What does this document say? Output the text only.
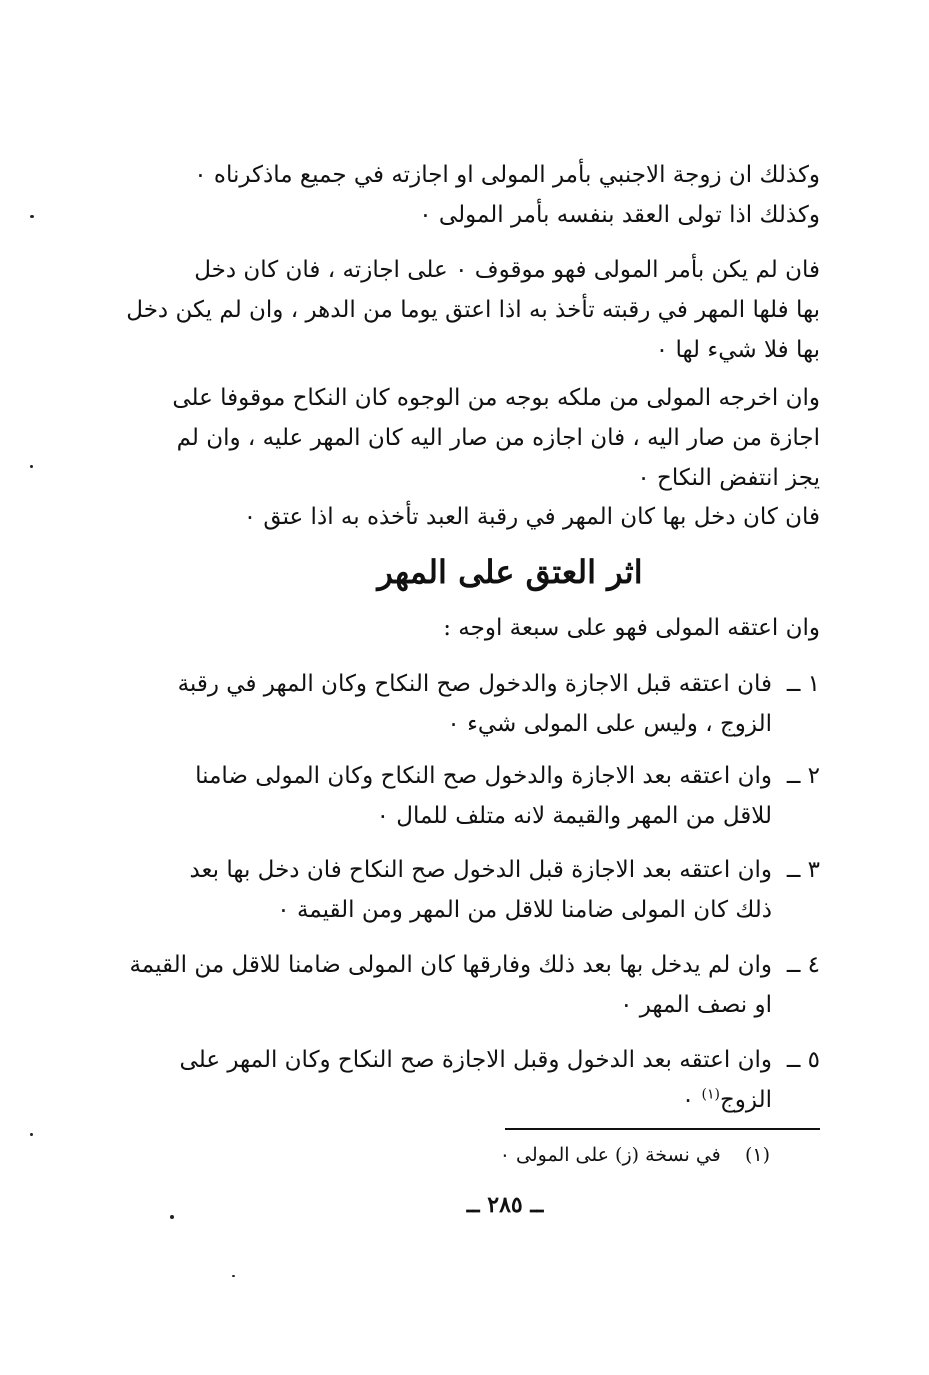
وكذلك ان زوجة الاجنبي بأمر المولى او اجازته في جميع ماذكرناه ٠
وكذلك اذا تولى العقد بنفسه بأمر المولى ٠
فان لم يكن بأمر المولى فهو موقوف ٠ على اجازته ، فان كان دخل
بها فلها المهر في رقبته تأخذ به اذا اعتق يوما من الدهر ، وان لم يكن دخل
بها فلا شيء لها ٠
وان اخرجه المولى من ملكه بوجه من الوجوه كان النكاح موقوفا على
اجازة من صار اليه ، فان اجازه من صار اليه كان المهر عليه ، وان لم
يجز انتفض النكاح ٠
فان كان دخل بها كان المهر في رقبة العبد تأخذه به اذا عتق ٠
اثر العتق على المهر
وان اعتقه المولى فهو على سبعة اوجه :
١ ــ
فان اعتقه قبل الاجازة والدخول صح النكاح وكان المهر في رقبة
الزوج ، وليس على المولى شيء ٠
٢ ــ
وان اعتقه بعد الاجازة والدخول صح النكاح وكان المولى ضامنا
للاقل من المهر والقيمة لانه متلف للمال ٠
٣ ــ
وان اعتقه بعد الاجازة قبل الدخول صح النكاح فان دخل بها بعد
ذلك كان المولى ضامنا للاقل من المهر ومن القيمة ٠
٤ ــ
وان لم يدخل بها بعد ذلك وفارقها كان المولى ضامنا للاقل من القيمة
او نصف المهر ٠
٥ ــ
وان اعتقه بعد الدخول وقبل الاجازة صح النكاح وكان المهر على
الزوج$^{(١)}$ ٠
(١)    في نسخة (ز) على المولى ٠
ــ ٢٨٥ ــ
